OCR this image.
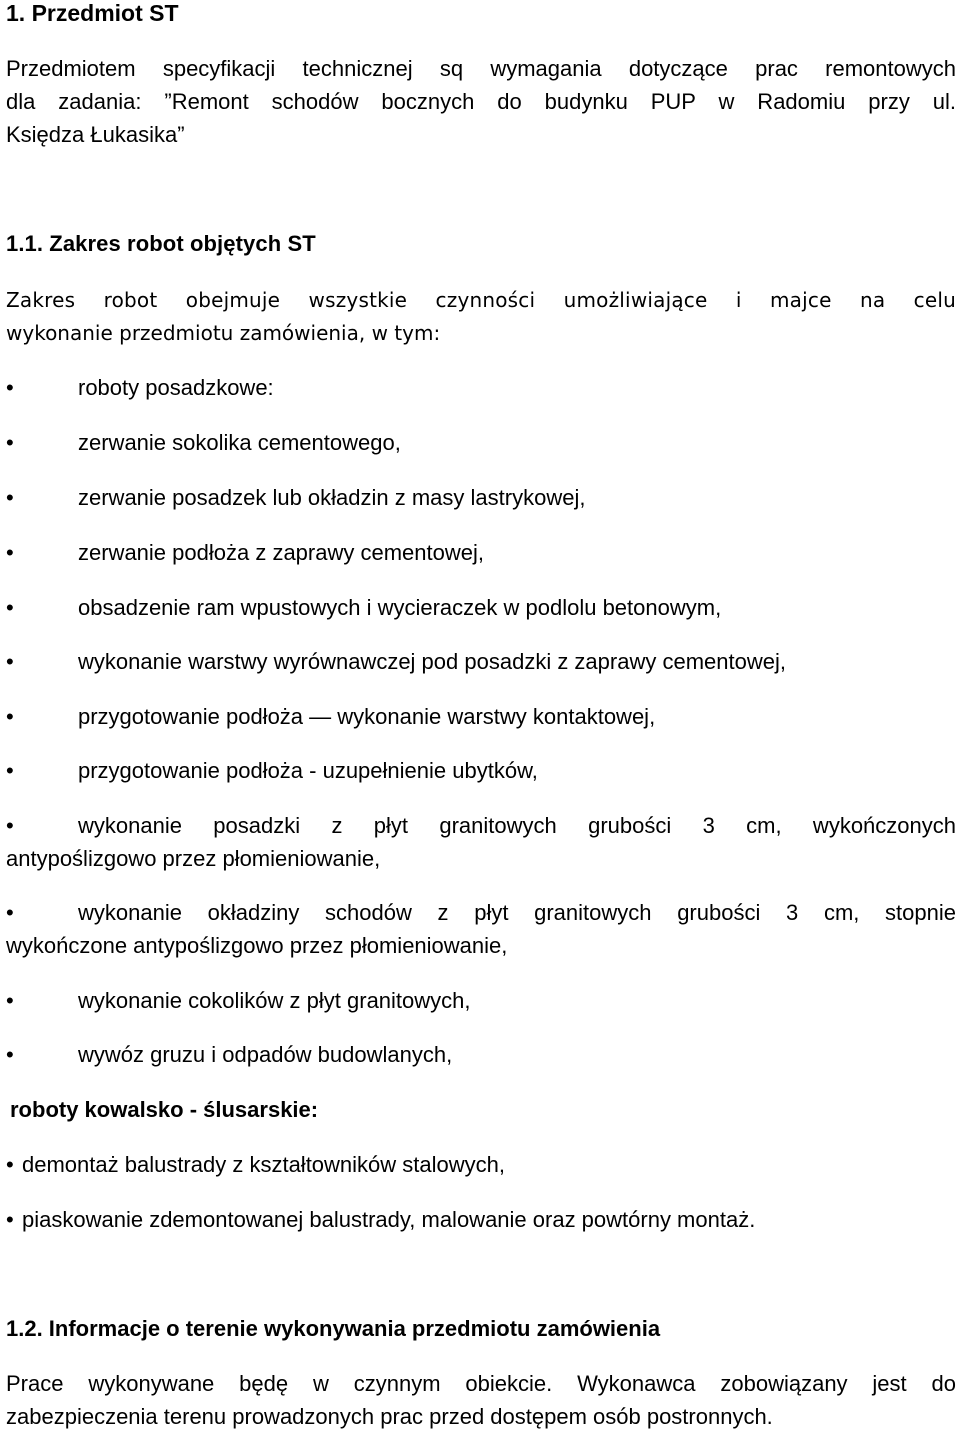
1. Przedmiot ST
Przedmiotem specyfikacji technicznej sq wymagania dotyczące prac remontowych
dla zadania: ”Remont schodów bocznych do budynku PUP w Radomiu przy ul.
Księdza Łukasika”
1.1. Zakres robot objętych ST
Zakres robot obejmuje wszystkie czynności umożliwiające i majce na celu
wykonanie przedmiotu zamówienia, w tym:
•	roboty posadzkowe:
•	zerwanie sokolika cementowego,
•	zerwanie posadzek lub okładzin z masy lastrykowej,
•	zerwanie podłoża z zaprawy cementowej,
•	obsadzenie ram wpustowych i wycieraczek w podlolu betonowym,
•	wykonanie warstwy wyrównawczej pod posadzki z zaprawy cementowej,
•	przygotowanie podłoża — wykonanie warstwy kontaktowej,
•	przygotowanie podłoża - uzupełnienie ubytków,
•	wykonanie posadzki z płyt granitowych grubości 3 cm, wykończonych
antypoślizgowo przez płomieniowanie,
•	wykonanie okładziny schodów z płyt granitowych grubości 3 cm, stopnie
wykończone antypoślizgowo przez płomieniowanie,
•	wykonanie cokolików z płyt granitowych,
•	wywóz gruzu i odpadów budowlanych,
roboty kowalsko - ślusarskie:
• demontaż balustrady z kształtowników stalowych,
• piaskowanie zdemontowanej balustrady, malowanie oraz powtórny montaż.
1.2. Informacje o terenie wykonywania przedmiotu zamówienia
Prace wykonywane będę w czynnym obiekcie. Wykonawca zobowiązany jest do
zabezpieczenia terenu prowadzonych prac przed dostępem osób postronnych.
